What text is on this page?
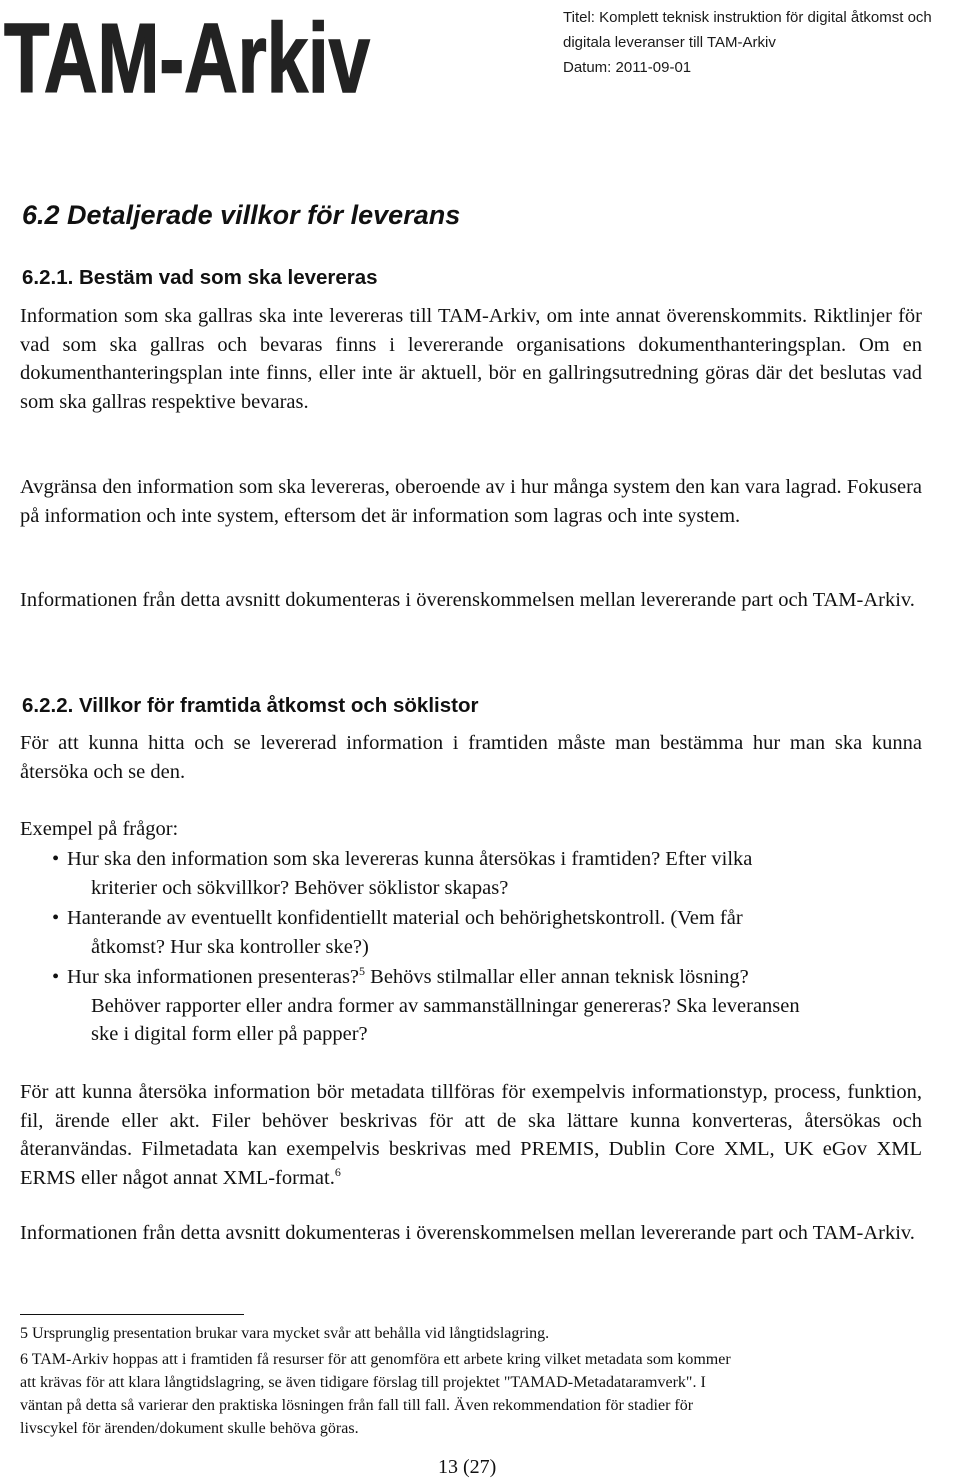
TAM-Arkiv	Titel: Komplett teknisk instruktion för digital åtkomst och
digitala leveranser till TAM-Arkiv
Datum: 2011-09-01
6.2 Detaljerade villkor för leverans
6.2.1. Bestäm vad som ska levereras
Information som ska gallras ska inte levereras till TAM-Arkiv, om inte annat överenskommits. Riktlinjer för vad som ska gallras och bevaras finns i levererande organisations dokumenthanteringsplan. Om en dokumenthanteringsplan inte finns, eller inte är aktuell, bör en gallringsutredning göras där det beslutas vad som ska gallras respektive bevaras.
Avgränsa den information som ska levereras, oberoende av i hur många system den kan vara lagrad. Fokusera på information och inte system, eftersom det är information som lagras och inte system.
Informationen från detta avsnitt dokumenteras i överenskommelsen mellan levererande part och TAM-Arkiv.
6.2.2. Villkor för framtida åtkomst och söklistor
För att kunna hitta och se levererad information i framtiden måste man bestämma hur man ska kunna återsöka och se den.
Exempel på frågor:
• Hur ska den information som ska levereras kunna återsökas i framtiden? Efter vilka
kriterier och sökvillkor? Behöver söklistor skapas?
• Hanterande av eventuellt konfidentiellt material och behörighetskontroll. (Vem får
åtkomst? Hur ska kontroller ske?)
• Hur ska informationen presenteras?$^5$ Behövs stilmallar eller annan teknisk lösning?
Behöver rapporter eller andra former av sammanställningar genereras? Ska leveransen
ske i digital form eller på papper?
För att kunna återsöka information bör metadata tillföras för exempelvis informationstyp, process, funktion, fil, ärende eller akt. Filer behöver beskrivas för att de ska lättare kunna konverteras, återsökas och återanvändas. Filmetadata kan exempelvis beskrivas med PREMIS, Dublin Core XML, UK eGov XML ERMS eller något annat XML-format.$^6$
Informationen från detta avsnitt dokumenteras i överenskommelsen mellan levererande part och TAM-Arkiv.
5 Ursprunglig presentation brukar vara mycket svår att behålla vid långtidslagring.
6 TAM-Arkiv hoppas att i framtiden få resurser för att genomföra ett arbete kring vilket metadata som kommer
att krävas för att klara långtidslagring, se även tidigare förslag till projektet "TAMAD-Metadataramverk". I
väntan på detta så varierar den praktiska lösningen från fall till fall. Även rekommendation för stadier för
livscykel för ärenden/dokument skulle behöva göras.
13 (27)
